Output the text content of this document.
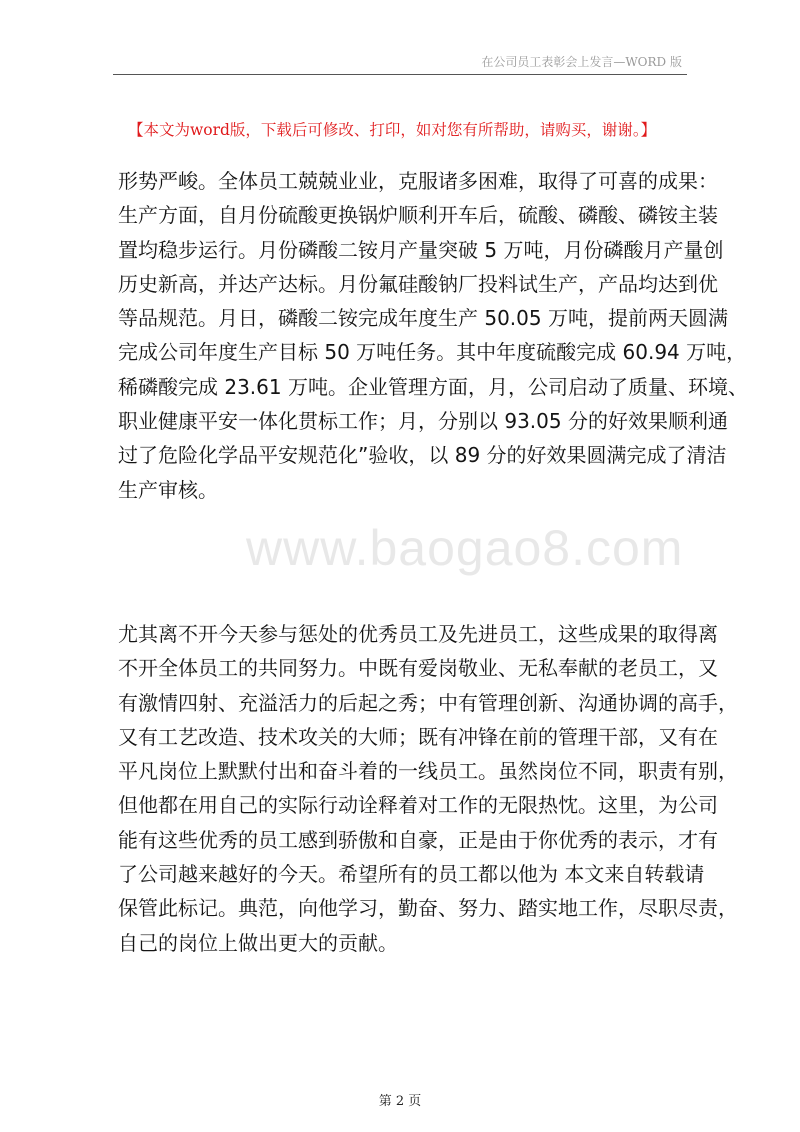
在公司员工表彰会上发言—WORD 版
【本文为word版，下载后可修改、打印，如对您有所帮助，请购买，谢谢。】
形势严峻。全体员工兢兢业业，克服诸多困难，取得了可喜的成果：
生产方面，自月份硫酸更换锅炉顺利开车后，硫酸、磷酸、磷铵主装
置均稳步运行。月份磷酸二铵月产量突破 5 万吨，月份磷酸月产量创
历史新高，并达产达标。月份氟硅酸钠厂投料试生产，产品均达到优
等品规范。月日，磷酸二铵完成年度生产 50.05 万吨，提前两天圆满
完成公司年度生产目标 50 万吨任务。其中年度硫酸完成 60.94 万吨，
稀磷酸完成 23.61 万吨。企业管理方面，月，公司启动了质量、环境、
职业健康平安一体化贯标工作；月，分别以 93.05 分的好效果顺利通
过了危险化学品平安规范化”验收，以 89 分的好效果圆满完成了清洁
生产审核。
www.baogao8.com
尤其离不开今天参与惩处的优秀员工及先进员工，这些成果的取得离
不开全体员工的共同努力。中既有爱岗敬业、无私奉献的老员工，又
有激情四射、充溢活力的后起之秀；中有管理创新、沟通协调的高手，
又有工艺改造、技术攻关的大师；既有冲锋在前的管理干部，又有在
平凡岗位上默默付出和奋斗着的一线员工。虽然岗位不同，职责有别，
但他都在用自己的实际行动诠释着对工作的无限热忱。这里，为公司
能有这些优秀的员工感到骄傲和自豪，正是由于你优秀的表示，才有
了公司越来越好的今天。希望所有的员工都以他为 本文来自转载请
保管此标记。典范，向他学习，勤奋、努力、踏实地工作，尽职尽责，
自己的岗位上做出更大的贡献。
第 2 页
